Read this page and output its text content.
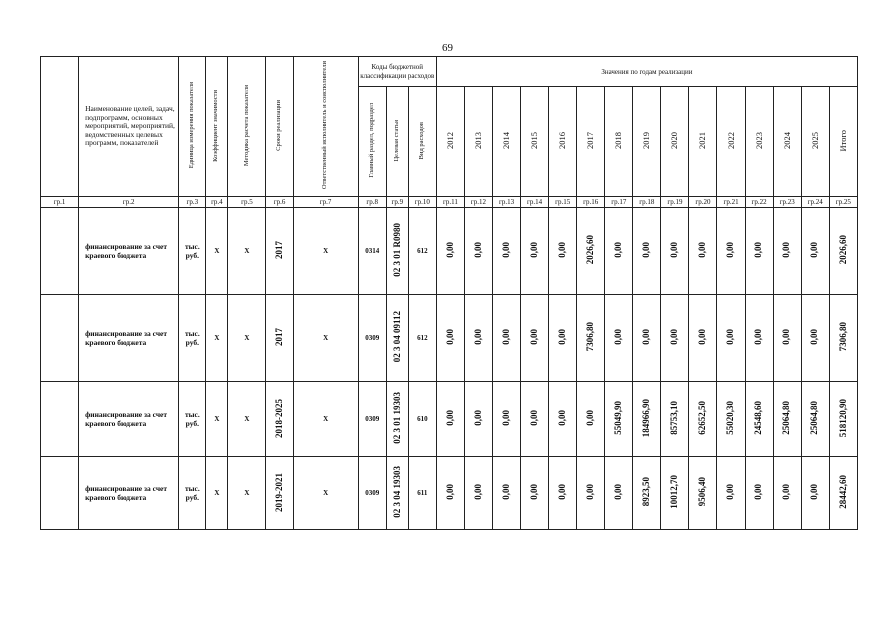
69
	Наименование целей, задач, подпрограмм, основных мероприятий, мероприятий, ведомственных целевых программ, показателей	Единица измерения показателя	Коэффициент значимости	Методика расчета показателя	Сроки реализации	Ответственный исполнитель и соисполнители	Коды бюджетной классификации расходов			Значения по годам реализации														
							Главный раздел, подраздел	Целевая статья	Вид расходов	2012	2013	2014	2015	2016	2017	2018	2019	2020	2021	2022	2023	2024	2025	Итого
гр.1	гр.2	гр.3	гр.4	гр.5	гр.6	гр.7	гр.8	гр.9	гр.10	гр.11	гр.12	гр.13	гр.14	гр.15	гр.16	гр.17	гр.18	гр.19	гр.20	гр.21	гр.22	гр.23	гр.24	гр.25
	финансирование за счет краевого бюджета	тыс. руб.	Х	Х	2017	Х	0314	02 3 01 R0980	612	0,00	0,00	0,00	0,00	0,00	2026,60	0,00	0,00	0,00	0,00	0,00	0,00	0,00	0,00	2026,60
	финансирование за счет краевого бюджета	тыс. руб.	Х	Х	2017	Х	0309	02 3 04 09112	612	0,00	0,00	0,00	0,00	0,00	7306,80	0,00	0,00	0,00	0,00	0,00	0,00	0,00	0,00	7306,80
	финансирование за счет краевого бюджета	тыс. руб.	Х	Х	2018-2025	Х	0309	02 3 01 19303	610	0,00	0,00	0,00	0,00	0,00	0,00	55049,90	184966,90	85753,10	62652,50	55020,30	24548,60	25064,80	25064,80	518120,90
	финансирование за счет краевого бюджета	тыс. руб.	Х	Х	2019-2021	Х	0309	02 3 04 19303	611	0,00	0,00	0,00	0,00	0,00	0,00	0,00	8923,50	10012,70	9506,40	0,00	0,00	0,00	0,00	28442,60
